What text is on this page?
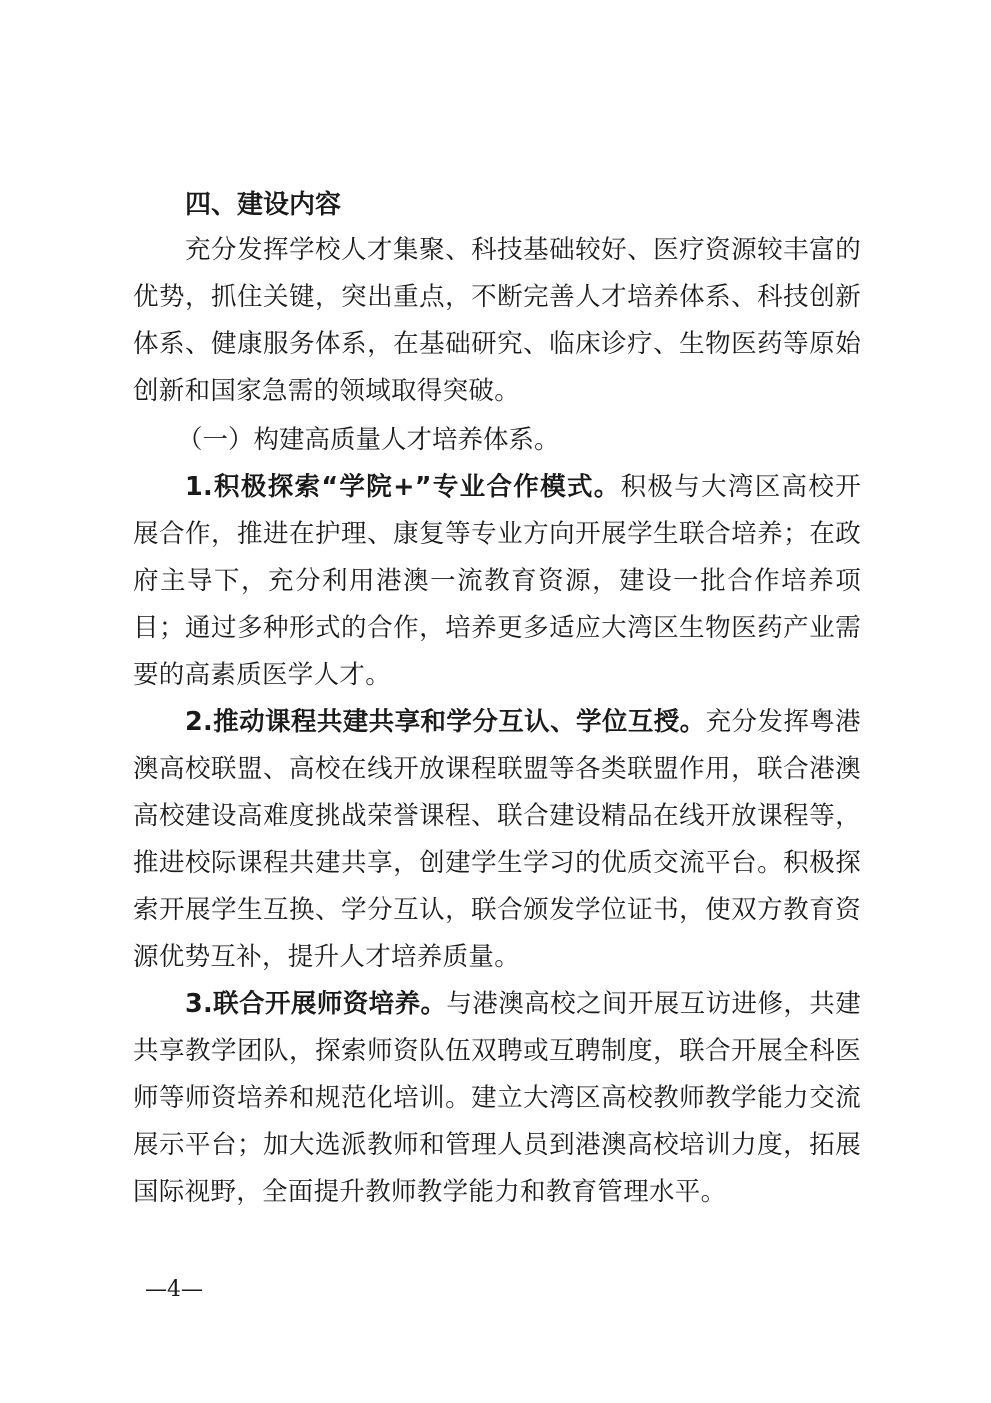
四、建设内容

充分发挥学校人才集聚、科技基础较好、医疗资源较丰富的优势，抓住关键，突出重点，不断完善人才培养体系、科技创新体系、健康服务体系，在基础研究、临床诊疗、生物医药等原始创新和国家急需的领域取得突破。

（一）构建高质量人才培养体系。

1.积极探索“学院+”专业合作模式。积极与大湾区高校开展合作，推进在护理、康复等专业方向开展学生联合培养；在政府主导下，充分利用港澳一流教育资源，建设一批合作培养项目；通过多种形式的合作，培养更多适应大湾区生物医药产业需要的高素质医学人才。

2.推动课程共建共享和学分互认、学位互授。充分发挥粤港澳高校联盟、高校在线开放课程联盟等各类联盟作用，联合港澳高校建设高难度挑战荣誉课程、联合建设精品在线开放课程等，推进校际课程共建共享，创建学生学习的优质交流平台。积极探索开展学生互换、学分互认，联合颁发学位证书，使双方教育资源优势互补，提升人才培养质量。

3.联合开展师资培养。与港澳高校之间开展互访进修，共建共享教学团队，探索师资队伍双聘或互聘制度，联合开展全科医师等师资培养和规范化培训。建立大湾区高校教师教学能力交流展示平台；加大选派教师和管理人员到港澳高校培训力度，拓展国际视野，全面提升教师教学能力和教育管理水平。

—4—
